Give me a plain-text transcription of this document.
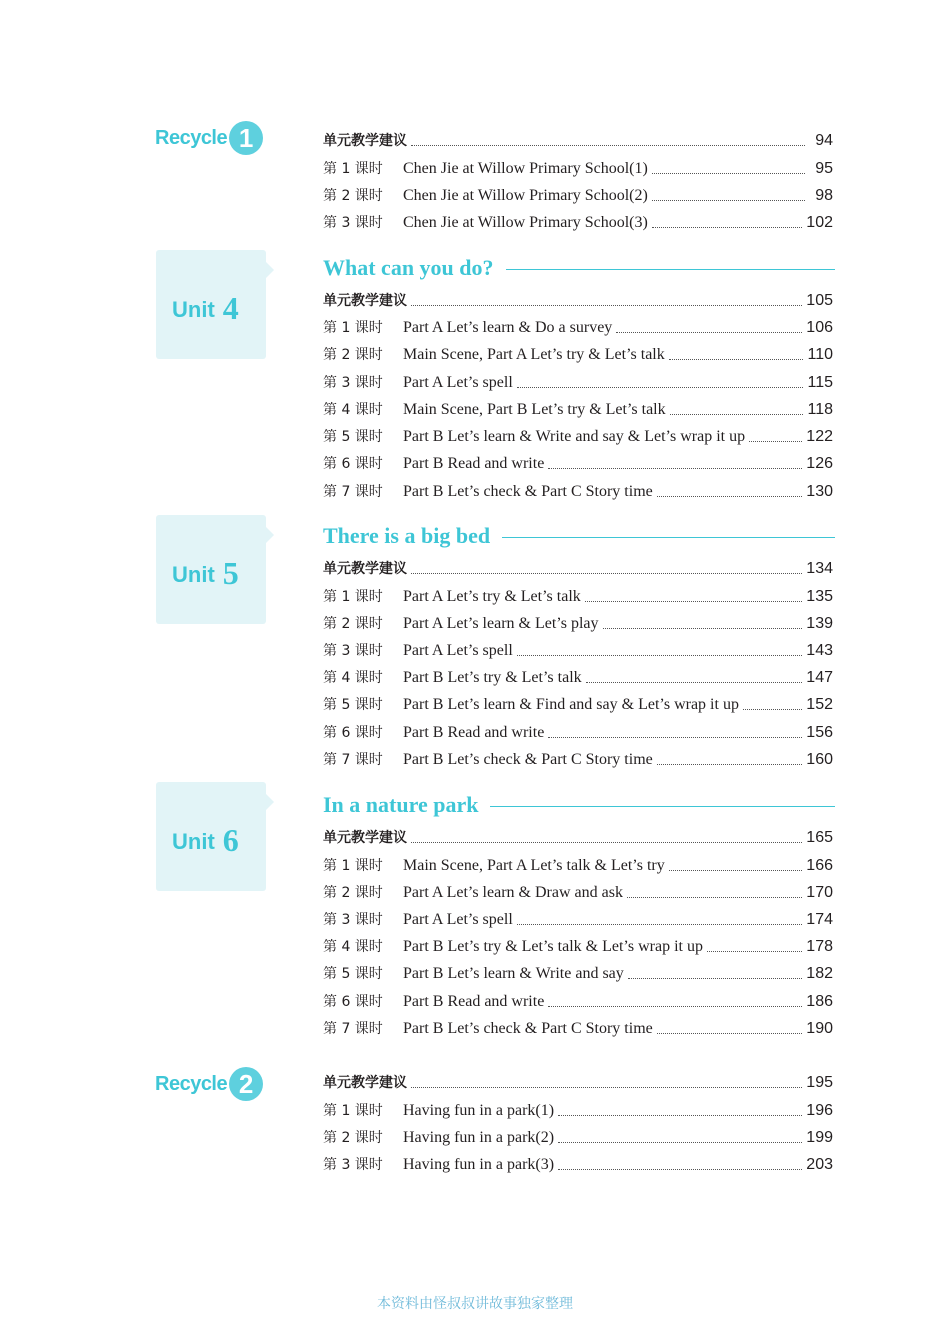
Recycle 1	单元教学建议	94
第 1 课时	Chen Jie at Willow Primary School(1)	95
第 2 课时	Chen Jie at Willow Primary School(2)	98
第 3 课时	Chen Jie at Willow Primary School(3)	102
Unit 4
What can you do?
单元教学建议	105
第 1 课时	Part A Let’s learn & Do a survey	106
第 2 课时	Main Scene, Part A Let’s try & Let’s talk	110
第 3 课时	Part A Let’s spell	115
第 4 课时	Main Scene, Part B Let’s try & Let’s talk	118
第 5 课时	Part B Let’s learn & Write and say & Let’s wrap it up	122
第 6 课时	Part B Read and write	126
第 7 课时	Part B Let’s check & Part C Story time	130
Unit 5
There is a big bed
单元教学建议	134
第 1 课时	Part A Let’s try & Let’s talk	135
第 2 课时	Part A Let’s learn & Let’s play	139
第 3 课时	Part A Let’s spell	143
第 4 课时	Part B Let’s try & Let’s talk	147
第 5 课时	Part B Let’s learn & Find and say & Let’s wrap it up	152
第 6 课时	Part B Read and write	156
第 7 课时	Part B Let’s check & Part C Story time	160
Unit 6
In a nature park
单元教学建议	165
第 1 课时	Main Scene, Part A Let’s talk & Let’s try	166
第 2 课时	Part A Let’s learn & Draw and ask	170
第 3 课时	Part A Let’s spell	174
第 4 课时	Part B Let’s try & Let’s talk & Let’s wrap it up	178
第 5 课时	Part B Let’s learn & Write and say	182
第 6 课时	Part B Read and write	186
第 7 课时	Part B Let’s check & Part C Story time	190
Recycle 2	单元教学建议	195
第 1 课时	Having fun in a park(1)	196
第 2 课时	Having fun in a park(2)	199
第 3 课时	Having fun in a park(3)	203
本资料由怪叔叔讲故事独家整理
